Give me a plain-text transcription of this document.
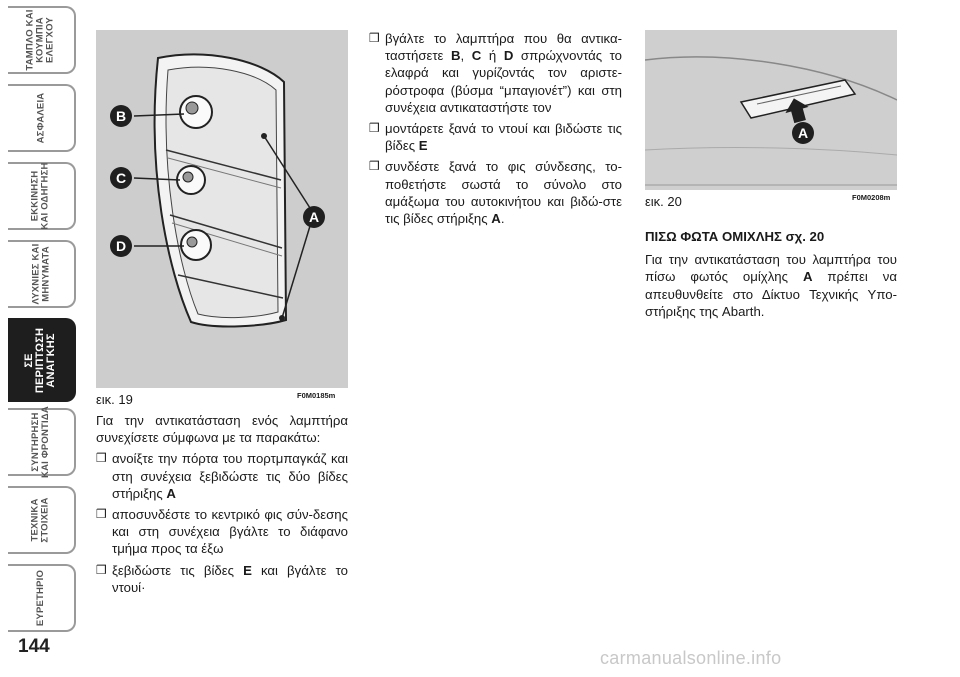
ΤΑΜΠΛΟ ΚΑΙ
ΚΟΥΜΠΙΑ
ΕΛΕΓΧΟΥ
ΑΣΦΑΛΕΙΑ
ΕΚΚΙΝΗΣΗ
ΚΑΙ ΟΔΗΓΗΣΗ
ΛΥΧΝΙΕΣ ΚΑΙ
ΜΗΝΥΜΑΤΑ
ΣΕ
ΠΕΡΙΠΤΩΣΗ
ΑΝΑΓΚΗΣ
ΣΥΝΤΗΡΗΣΗ
ΚΑΙ ΦΡΟΝΤΙΔΑ
ΤΕΧΝΙΚΑ
ΣΤΟΙΧΕΙΑ
ΕΥΡΕΤΗΡΙΟ
144
B
C
D
A
εικ. 19	F0M0185m
A
εικ. 20	F0M0208m

Για την αντικατάσταση ενός λαμπτήρα συνεχίσετε σύμφωνα με τα παρακάτω:

❒ ανοίξτε την πόρτα του πορτμπαγκάζ και στη συνέχεια ξεβιδώστε τις δύο βίδες στήριξης A
❒ αποσυνδέστε το κεντρικό φις σύν-δεσης και στη συνέχεια βγάλτε το διάφανο τμήμα προς τα έξω
❒ ξεβιδώστε τις βίδες E και βγάλτε το ντουί·
❒ βγάλτε το λαμπτήρα που θα αντικα-ταστήσετε B, C ή D σπρώχνοντάς το ελαφρά και γυρίζοντάς τον αριστε-ρόστροφα (βύσμα “μπαγιονέτ”) και στη συνέχεια αντικαταστήστε τον
❒ μοντάρετε ξανά το ντουί και βιδώστε τις βίδες E
❒ συνδέστε ξανά το φις σύνδεσης, το-ποθετήστε σωστά το σύνολο στο αμάξωμα του αυτοκινήτου και βιδώ-στε τις βίδες στήριξης A.
ΠΙΣΩ ΦΩΤΑ ΟΜΙΧΛΗΣ σχ. 20

Για την αντικατάσταση του λαμπτήρα του πίσω φωτός ομίχλης A πρέπει να απευθυνθείτε στο Δίκτυο Τεχνικής Υπο-στήριξης της Abarth.

carmanualsonline.info
